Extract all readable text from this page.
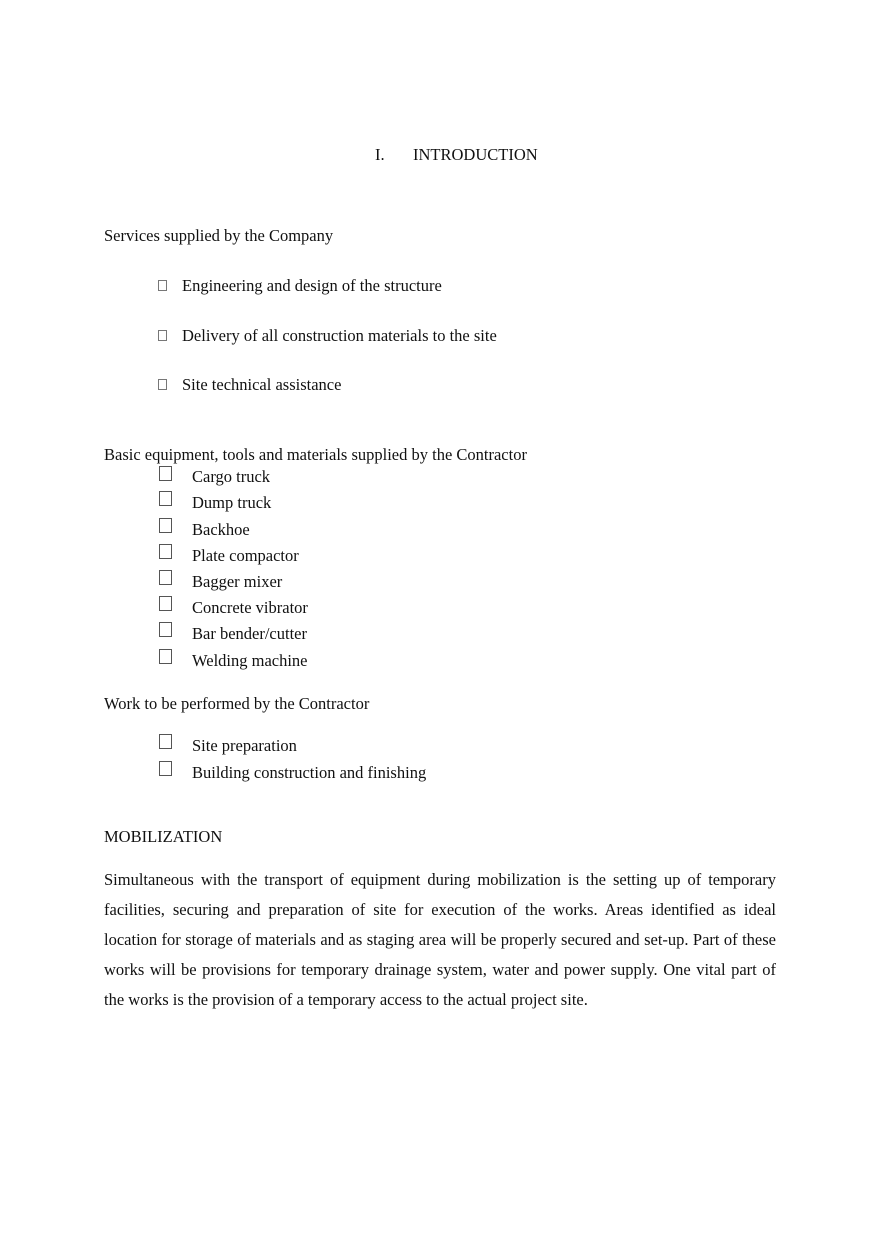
I. INTRODUCTION
Services supplied by the Company
Engineering and design of the structure
Delivery of all construction materials to the site
Site technical assistance
Basic equipment, tools and materials supplied by the Contractor
Cargo truck
Dump truck
Backhoe
Plate compactor
Bagger mixer
Concrete vibrator
Bar bender/cutter
Welding machine
Work to be performed by the Contractor
Site preparation
Building construction and finishing
MOBILIZATION
Simultaneous with the transport of equipment during mobilization is the setting up of temporary facilities, securing and preparation of site for execution of the works. Areas identified as ideal location for storage of materials and as staging area will be properly secured and set-up. Part of these works will be provisions for temporary drainage system, water and power supply. One vital part of the works is the provision of a temporary access to the actual project site.
